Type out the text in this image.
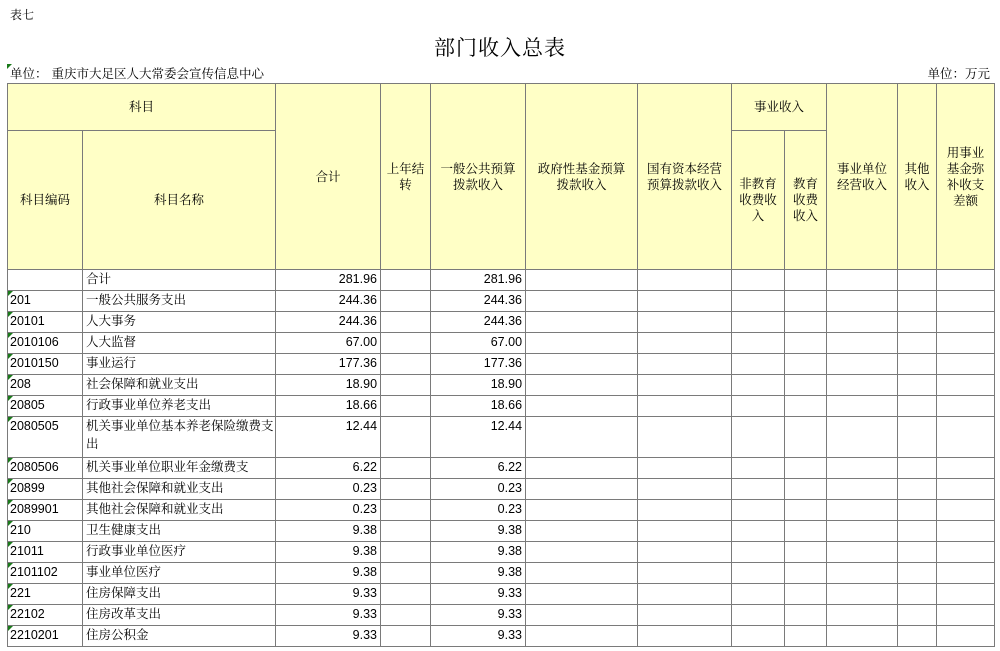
表七
部门收入总表
单位： 重庆市大足区人大常委会宣传信息中心	单位：万元
科目		合计	上年结转	一般公共预算拨款收入	政府性基金预算拨款收入	国有资本经营预算拨款收入	事业收入		事业单位经营收入	其他收入	用事业基金弥补收支差额

科目编码	科目名称						非教育收费收入	教育收费收入			

	合计	281.96		281.96							

201	一般公共服务支出	244.36		244.36							

20101	人大事务	244.36		244.36							

2010106	人大监督	67.00		67.00							

2010150	事业运行	177.36		177.36							

208	社会保障和就业支出	18.90		18.90							

20805	行政事业单位养老支出	18.66		18.66							

2080505	机关事业单位基本养老保险缴费支出	12.44		12.44							

2080506	机关事业单位职业年金缴费支	6.22		6.22							

20899	其他社会保障和就业支出	0.23		0.23							

2089901	其他社会保障和就业支出	0.23		0.23							

210	卫生健康支出	9.38		9.38							

21011	行政事业单位医疗	9.38		9.38							

2101102	事业单位医疗	9.38		9.38							

221	住房保障支出	9.33		9.33							

22102	住房改革支出	9.33		9.33							

2210201	住房公积金	9.33		9.33							
